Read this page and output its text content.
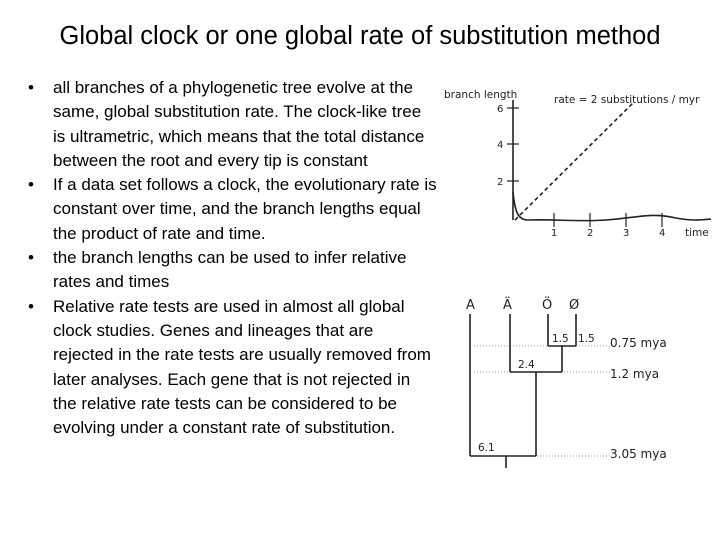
Global clock or one global rate of substitution method
• all branches of a phylogenetic tree evolve at the same, global substitution rate. The clock-like tree is ultrametric, which means that the total distance between the root and every tip is constant
• If a data set follows a clock, the evolutionary rate is constant over time, and the branch lengths equal the product of rate and time.
• the branch lengths can be used to infer relative rates and times
• Relative rate tests are used in almost all global clock studies. Genes and lineages that are rejected in the rate tests are usually removed from later analyses. Each gene that is not rejected in the relative rate tests can be considered to be evolving under a constant rate of substitution.
branch length	rate = 2 substitutions / myr
6
4
2
1	2	3	4 time
A Ä Ö Ø
1.5 1.5
2.4
6.1
0.75 mya
1.2 mya
3.05 mya
